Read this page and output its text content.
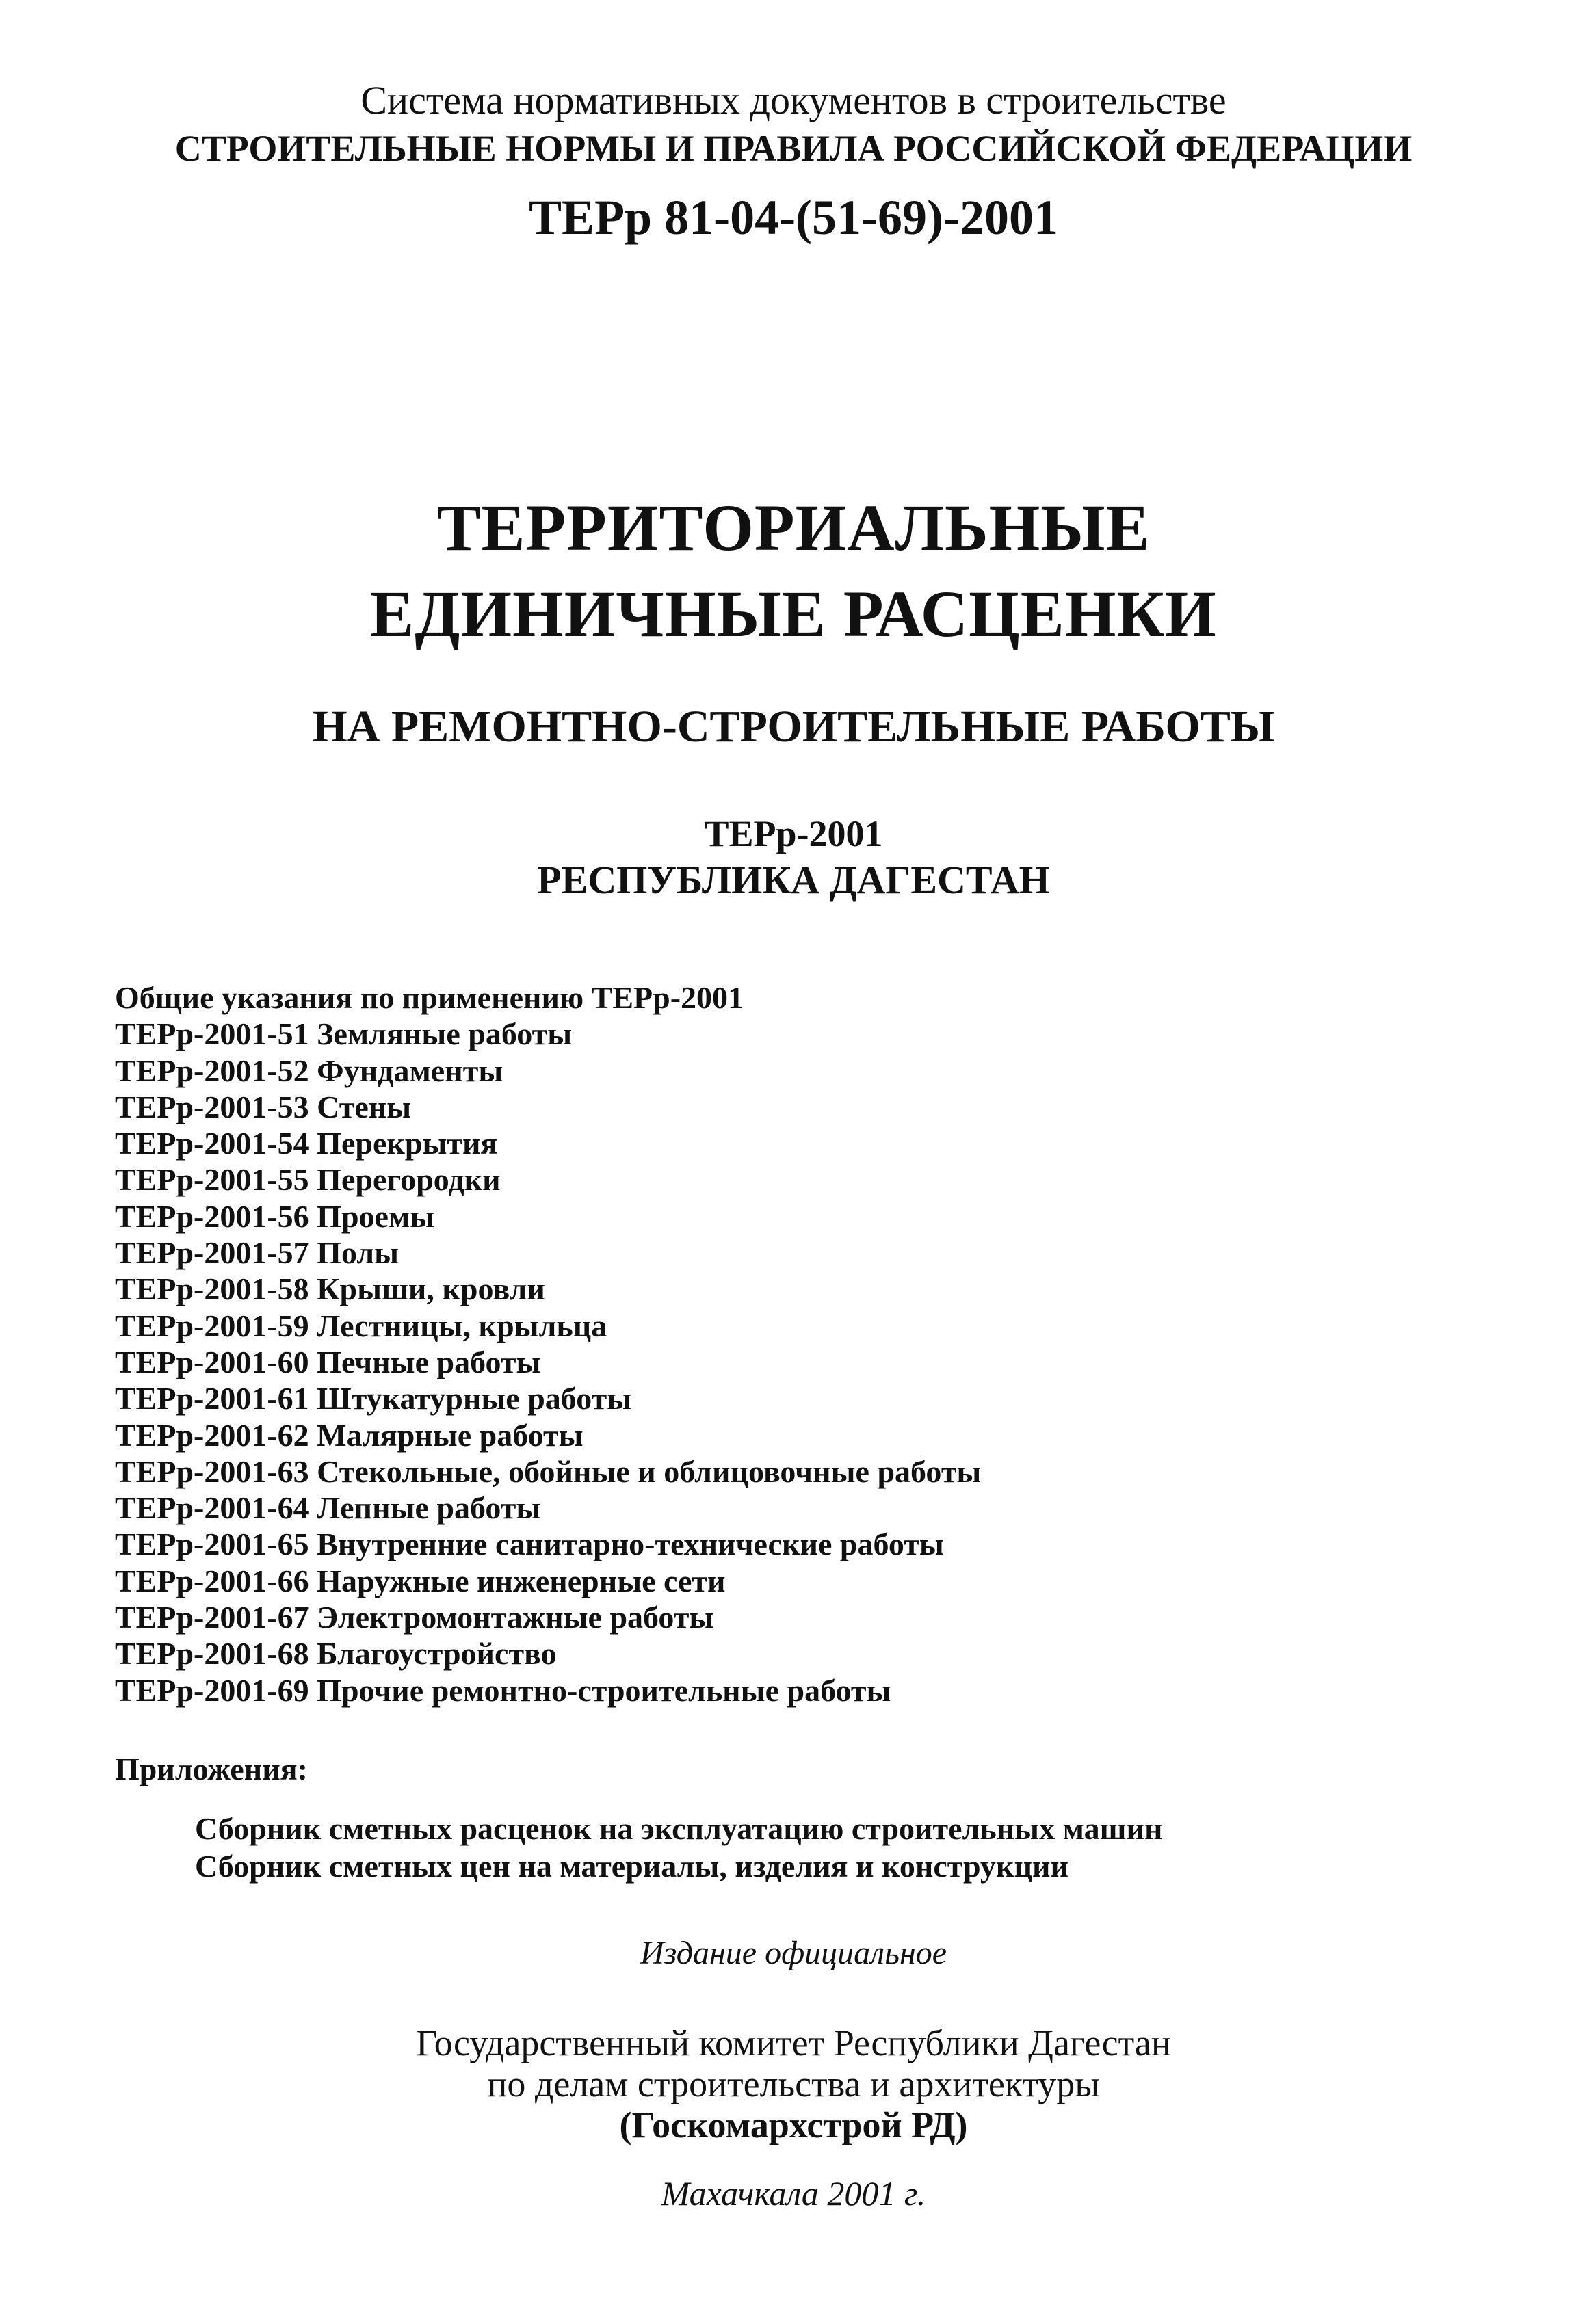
Система нормативных документов в строительстве
СТРОИТЕЛЬНЫЕ НОРМЫ И ПРАВИЛА РОССИЙСКОЙ ФЕДЕРАЦИИ
ТЕРр 81-04-(51-69)-2001
ТЕРРИТОРИАЛЬНЫЕ
ЕДИНИЧНЫЕ РАСЦЕНКИ
НА РЕМОНТНО-СТРОИТЕЛЬНЫЕ РАБОТЫ
ТЕРр-2001
РЕСПУБЛИКА ДАГЕСТАН
Общие указания по применению ТЕРр-2001
ТЕРр-2001-51 Земляные работы
ТЕРр-2001-52 Фундаменты
ТЕРр-2001-53 Стены
ТЕРр-2001-54 Перекрытия
ТЕРр-2001-55 Перегородки
ТЕРр-2001-56 Проемы
ТЕРр-2001-57 Полы
ТЕРр-2001-58 Крыши, кровли
ТЕРр-2001-59 Лестницы, крыльца
ТЕРр-2001-60 Печные работы
ТЕРр-2001-61 Штукатурные работы
ТЕРр-2001-62 Малярные работы
ТЕРр-2001-63 Стекольные, обойные и облицовочные работы
ТЕРр-2001-64 Лепные работы
ТЕРр-2001-65 Внутренние санитарно-технические работы
ТЕРр-2001-66 Наружные инженерные сети
ТЕРр-2001-67 Электромонтажные работы
ТЕРр-2001-68 Благоустройство
ТЕРр-2001-69 Прочие ремонтно-строительные работы
Приложения:
Сборник сметных расценок на эксплуатацию строительных машин
Сборник сметных цен на материалы, изделия и конструкции
Издание официальное
Государственный комитет Республики Дагестан
по делам строительства и архитектуры
(Госкомархстрой РД)
Махачкала 2001 г.
